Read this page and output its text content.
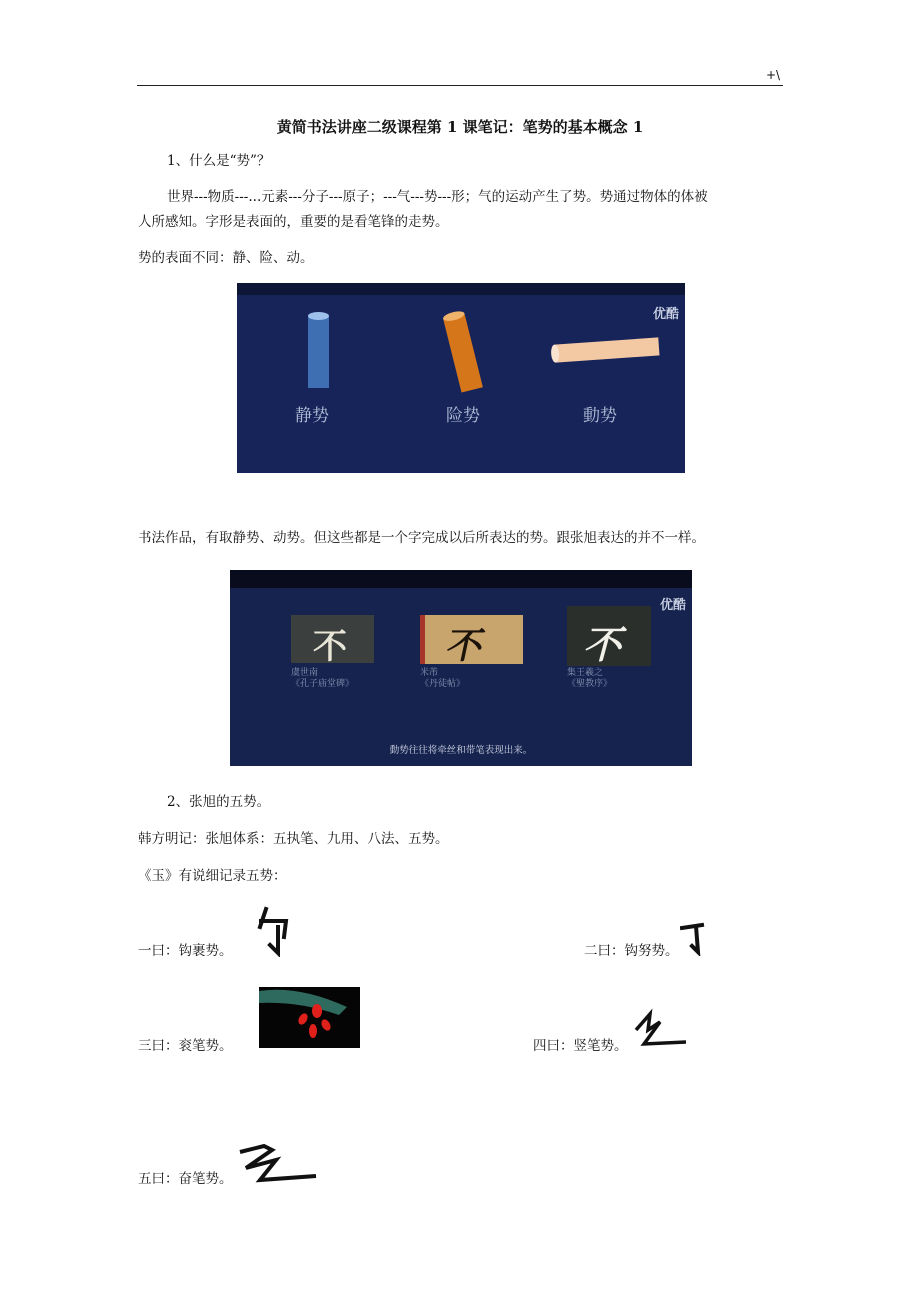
+\
黄简书法讲座二级课程第 1 课笔记：笔势的基本概念 1
1、什么是“势”？
世界---物质---...元素---分子---原子；---气---势---形；气的运动产生了势。势通过物体的体被
人所感知。字形是表面的，重要的是看笔锋的走势。
势的表面不同：静、险、动。
优酷
静势	险势	動势
书法作品，有取静势、动势。但这些都是一个字完成以后所表达的势。跟张旭表达的并不一样。
优酷
不	不 不
虞世南
《孔子庙堂碑》
米芾
《丹徒帖》
集王羲之
《聖教序》
動势往往将牵丝和带笔表现出来。
2、张旭的五势。
韩方明记：张旭体系：五执笔、九用、八法、五势。
《玉》有说细记录五势：
一曰：钩裹势。	二曰：钩努势。
三曰：衮笔势。	四曰：竖笔势。
五曰：奋笔势。
